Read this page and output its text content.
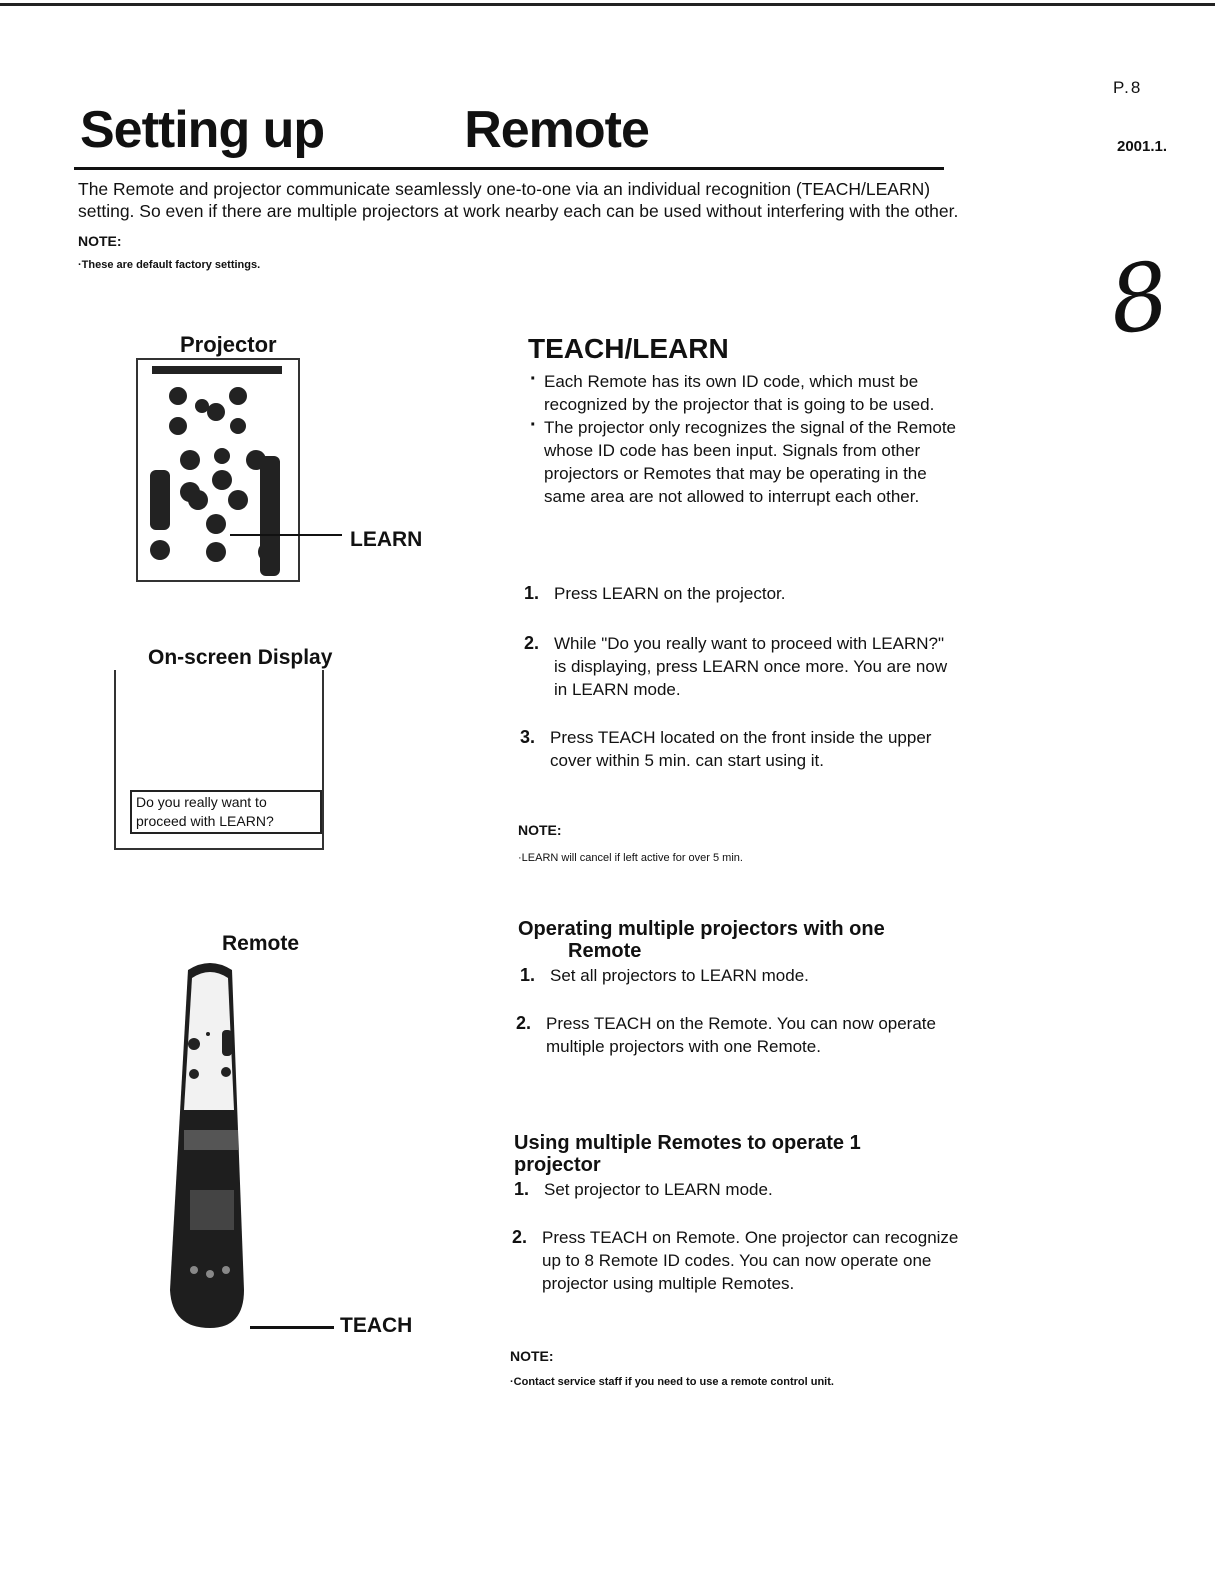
P.8
2001.1.
8
Setting up	Remote
The Remote and projector communicate seamlessly one-to-one via an individual recognition (TEACH/LEARN) setting. So even if there are multiple projectors at work nearby each can be used without interfering with the other.
NOTE:
·These are default factory settings.
Projector
LEARN
On-screen Display
Do you really want to proceed with LEARN?
Remote
TEACH
TEACH/LEARN
· Each Remote has its own ID code, which must be recognized by the projector that is going to be used.
· The projector only recognizes the signal of the Remote whose ID code has been input. Signals from other projectors or Remotes that may be operating in the same area are not allowed to interrupt each other.
1. Press LEARN on the projector.
2. While "Do you really want to proceed with LEARN?" is displaying, press LEARN once more. You are now in LEARN mode.
3. Press TEACH located on the front inside the upper cover within 5 min. can start using it.
NOTE:
·LEARN will cancel if left active for over 5 min.
Operating multiple projectors with one
Remote
1. Set all projectors to LEARN mode.
2. Press TEACH on the Remote. You can now operate multiple projectors with one Remote.
Using multiple Remotes to operate 1
projector
1. Set projector to LEARN mode.
2. Press TEACH on Remote. One projector can recognize up to 8 Remote ID codes. You can now operate one projector using multiple Remotes.
NOTE:
·Contact service staff if you need to use a remote control unit.
